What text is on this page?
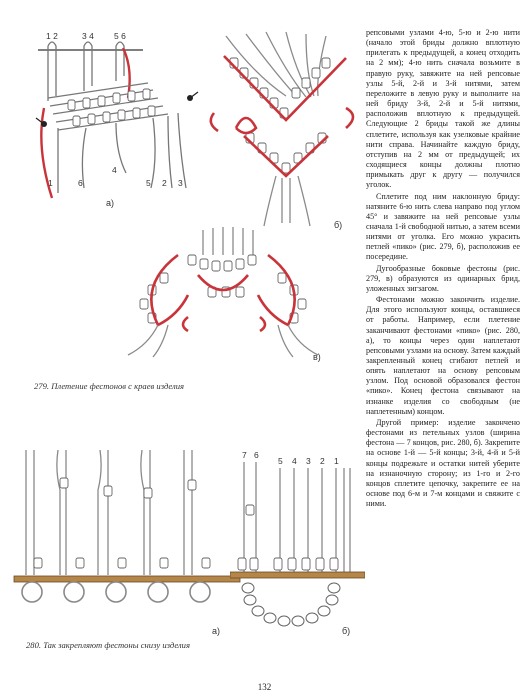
1 2	3 4 5 6
1	6
4
5 2 3
а)
б)
в)
279. Плетение фестонов с краев изделия
а)
7 6
5 4 3 2 1
б)
280. Так закрепляют фестоны снизу изделия

репсовыми узлами 4-ю, 5-ю и 2-ю нити (начало этой бриды должно вплотную прилегать к предыдущей, а конец отходить на 2 мм); 4-ю нить сначала возьмите в правую руку, завяжите на ней репсовые узлы 5-й, 2-й и 3-й нитями, затем переложите в левую руку и выполните на ней бриду 3-й, 2-й и 5-й нитями, расположив вплотную к предыдущей. Следующие 2 бриды такой же длины сплетите, используя как узелковые крайние нити справа. Начинайте каждую бриду, отступив на 2 мм от предыдущей; их сходящиеся концы должны плотно примыкать друг к другу — получился уголок.

Сплетите под ним наклонную бриду: натяните 6-ю нить слева направо под углом 45° и завяжите на ней репсовые узлы сначала 1-й свободной нитью, а затем всеми нитями от уголка. Его можно украсить петлей «пико» (рис. 279, б), расположив ее посередине.

Дугообразные боковые фестоны (рис. 279, в) образуются из одинарных брид, уложенных зигзагом.

Фестонами можно закончить изделие. Для этого используют концы, оставшиеся от работы. Например, если плетение заканчивают фестонами «пико» (рис. 280, а), то концы через один наплетают репсовыми узлами на основу. Затем каждый закрепленный конец сгибают петлей и опять наплетают на основу репсовым узлом. Под основой образовался фестон «пико». Конец фестона связывают на изнанке изделия со свободным (не наплетенным) концом.

Другой пример: изделие закончено фестонами из петельных узлов (ширина фестона — 7 концов, рис. 280, б). Закрепите на основе 1-й — 5-й концы; 3-й, 4-й и 5-й концы подрежьте и остатки нитей уберите на изнаночную сторону; из 1-го и 2-го концов сплетите цепочку, закрепите ее на основе под 6-м и 7-м концами и свяжите с ними.

132
